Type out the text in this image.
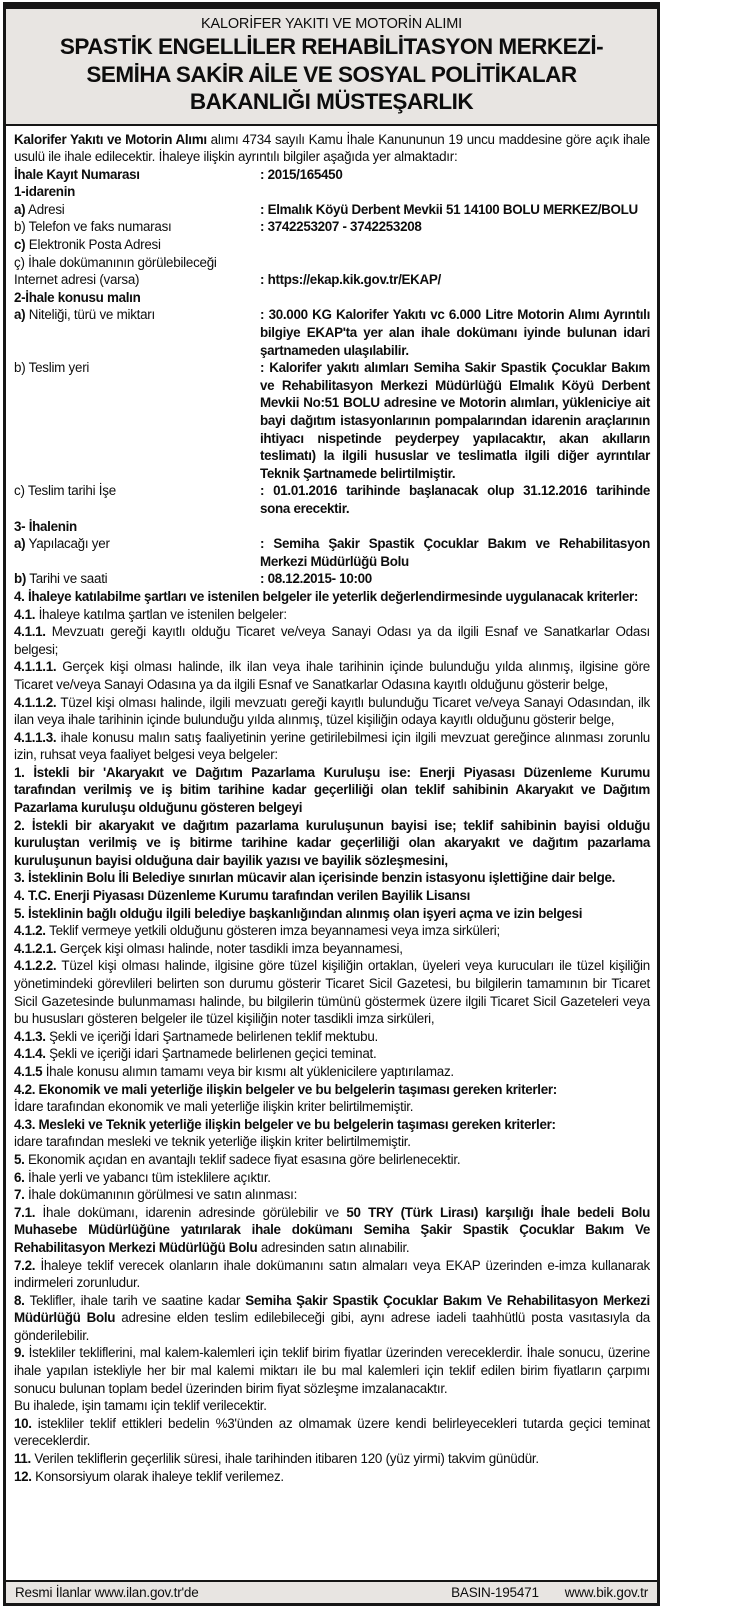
KALORİFER YAKITI VE MOTORİN ALIMI
SPASTİK ENGELLİLER REHABİLİTASYON MERKEZİ-
SEMİHA SAKİR AİLE VE SOSYAL POLİTİKALAR
BAKANLIĞI MÜSTEŞARLIK

Kalorifer Yakıtı ve Motorin Alımı alımı 4734 sayılı Kamu İhale Kanununun 19 uncu maddesine göre açık ihale usulü ile ihale edilecektir. İhaleye ilişkin ayrıntılı bilgiler aşağıda yer almaktadır:

İhale Kayıt Numarası	: 2015/165450
1-idarenin
a) Adresi	: Elmalık Köyü Derbent Mevkii 51 14100 BOLU MERKEZ/BOLU
b) Telefon ve faks numarası	: 3742253207 - 3742253208
c) Elektronik Posta Adresi
ç) İhale dokümanının görülebileceği
Internet adresi (varsa)	: https://ekap.kik.gov.tr/EKAP/
2-İhale konusu malın
a) Niteliği, türü ve miktarı	: 30.000 KG Kalorifer Yakıtı vc 6.000 Litre Motorin Alımı Ayrıntılı bilgiye EKAP'ta yer alan ihale dokümanı iyinde bulunan idari şartnameden ulaşılabilir.
b) Teslim yeri	: Kalorifer yakıtı alımları Semiha Sakir Spastik Çocuklar Bakım ve Rehabilitasyon Merkezi Müdürlüğü Elmalık Köyü Derbent Mevkii No:51 BOLU adresine ve Motorin alımları, yükleniciye ait bayi dağıtım istasyonlarının pompalarından idarenin araçlarının ihtiyacı nispetinde peyderpey yapılacaktır, akan akılların teslimatı) la ilgili hususlar ve teslimatla ilgili diğer ayrıntılar Teknik Şartnamede belirtilmiştir.
c) Teslim tarihi İşe	: 01.01.2016 tarihinde başlanacak olup 31.12.2016 tarihinde sona erecektir.
3- İhalenin
a) Yapılacağı yer	: Semiha Şakir Spastik Çocuklar Bakım ve Rehabilitasyon Merkezi Müdürlüğü Bolu
b) Tarihi ve saati	: 08.12.2015- 10:00

4. İhaleye katılabilme şartları ve istenilen belgeler ile yeterlik değerlendirmesinde uygulanacak kriterler:

4.1. İhaleye katılma şartlan ve istenilen belgeler:

4.1.1. Mevzuatı gereği kayıtlı olduğu Ticaret ve/veya Sanayi Odası ya da ilgili Esnaf ve Sanatkarlar Odası belgesi;

4.1.1.1. Gerçek kişi olması halinde, ilk ilan veya ihale tarihinin içinde bulunduğu yılda alınmış, ilgisine göre Ticaret ve/veya Sanayi Odasına ya da ilgili Esnaf ve Sanatkarlar Odasına kayıtlı olduğunu gösterir belge,

4.1.1.2. Tüzel kişi olması halinde, ilgili mevzuatı gereği kayıtlı bulunduğu Ticaret ve/veya Sanayi Odasından, ilk ilan veya ihale tarihinin içinde bulunduğu yılda alınmış, tüzel kişiliğin odaya kayıtlı olduğunu gösterir belge,

4.1.1.3. ihale konusu malın satış faaliyetinin yerine getirilebilmesi için ilgili mevzuat gereğince alınması zorunlu izin, ruhsat veya faaliyet belgesi veya belgeler:

1. İstekli bir 'Akaryakıt ve Dağıtım Pazarlama Kuruluşu ise: Enerji Piyasası Düzenleme Kurumu tarafından verilmiş ve iş bitim tarihine kadar geçerliliği olan teklif sahibinin Akaryakıt ve Dağıtım Pazarlama kuruluşu olduğunu gösteren belgeyi

2. İstekli bir akaryakıt ve dağıtım pazarlama kuruluşunun bayisi ise; teklif sahibinin bayisi olduğu kuruluştan verilmiş ve iş bitirme tarihine kadar geçerliliği olan akaryakıt ve dağıtım pazarlama kuruluşunun bayisi olduğuna dair bayilik yazısı ve bayilik sözleşmesini,

3. İsteklinin Bolu İli Belediye sınırlan mücavir alan içerisinde benzin istasyonu işlettiğine dair belge.

4. T.C. Enerji Piyasası Düzenleme Kurumu tarafından verilen Bayilik Lisansı

5. İsteklinin bağlı olduğu ilgili belediye başkanlığından alınmış olan işyeri açma ve izin belgesi

4.1.2. Teklif vermeye yetkili olduğunu gösteren imza beyannamesi veya imza sirküleri;

4.1.2.1. Gerçek kişi olması halinde, noter tasdikli imza beyannamesi,

4.1.2.2. Tüzel kişi olması halinde, ilgisine göre tüzel kişiliğin ortaklan, üyeleri veya kurucuları ile tüzel kişiliğin yönetimindeki görevlileri belirten son durumu gösterir Ticaret Sicil Gazetesi, bu bilgilerin tamamının bir Ticaret Sicil Gazetesinde bulunmaması halinde, bu bilgilerin tümünü göstermek üzere ilgili Ticaret Sicil Gazeteleri veya bu hususları gösteren belgeler ile tüzel kişiliğin noter tasdikli imza sirküleri,

4.1.3. Şekli ve içeriği İdari Şartnamede belirlenen teklif mektubu.

4.1.4. Şekli ve içeriği idari Şartnamede belirlenen geçici teminat.

4.1.5 İhale konusu alımın tamamı veya bir kısmı alt yüklenicilere yaptırılamaz.

4.2. Ekonomik ve mali yeterliğe ilişkin belgeler ve bu belgelerin taşıması gereken kriterler:

İdare tarafından ekonomik ve mali yeterliğe ilişkin kriter belirtilmemiştir.

4.3. Mesleki ve Teknik yeterliğe ilişkin belgeler ve bu belgelerin taşıması gereken kriterler:

idare tarafından mesleki ve teknik yeterliğe ilişkin kriter belirtilmemiştir.

5. Ekonomik açıdan en avantajlı teklif sadece fiyat esasına göre belirlenecektir.

6. İhale yerli ve yabancı tüm isteklilere açıktır.

7. İhale dokümanının görülmesi ve satın alınması:

7.1. İhale dokümanı, idarenin adresinde görülebilir ve 50 TRY (Türk Lirası) karşılığı İhale bedeli Bolu Muhasebe Müdürlüğüne yatırılarak ihale dokümanı Semiha Şakir Spastik Çocuklar Bakım Ve Rehabilitasyon Merkezi Müdürlüğü Bolu adresinden satın alınabilir.

7.2. İhaleye teklif verecek olanların ihale dokümanını satın almaları veya EKAP üzerinden e-imza kullanarak indirmeleri zorunludur.

8. Teklifler, ihale tarih ve saatine kadar Semiha Şakir Spastik Çocuklar Bakım Ve Rehabilitasyon Merkezi Müdürlüğü Bolu adresine elden teslim edilebileceği gibi, aynı adrese iadeli taahhütlü posta vasıtasıyla da gönderilebilir.

9. İstekliler tekliflerini, mal kalem-kalemleri için teklif birim fiyatlar üzerinden vereceklerdir. İhale sonucu, üzerine ihale yapılan istekliyle her bir mal kalemi miktarı ile bu mal kalemleri için teklif edilen birim fiyatların çarpımı sonucu bulunan toplam bedel üzerinden birim fiyat sözleşme imzalanacaktır.

Bu ihalede, işin tamamı için teklif verilecektir.

10. istekliler teklif ettikleri bedelin %3'ünden az olmamak üzere kendi belirleyecekleri tutarda geçici teminat vereceklerdir.

11. Verilen tekliflerin geçerlilik süresi, ihale tarihinden itibaren 120 (yüz yirmi) takvim günüdür.

12. Konsorsiyum olarak ihaleye teklif verilemez.

Resmi İlanlar www.ilan.gov.tr'de	BASIN-195471 www.bik.gov.tr
